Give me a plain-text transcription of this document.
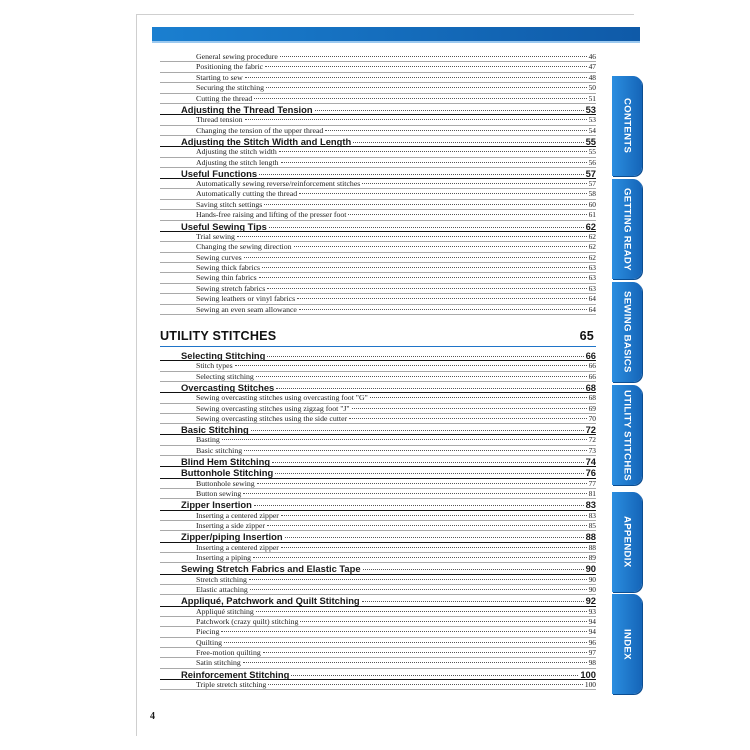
General sewing procedure	46
Positioning the fabric	47
Starting to sew	48
Securing the stitching	50
Cutting the thread	51
Adjusting the Thread Tension	53
Thread tension	53
Changing the tension of the upper thread	54
Adjusting the Stitch Width and Length	55
Adjusting the stitch width	55
Adjusting the stitch length	56
Useful Functions	57
Automatically sewing reverse/reinforcement stitches	57
Automatically cutting the thread	58
Saving stitch settings	60
Hands-free raising and lifting of the presser foot	61
Useful Sewing Tips	62
Trial sewing	62
Changing the sewing direction	62
Sewing curves	62
Sewing thick fabrics	63
Sewing thin fabrics	63
Sewing stretch fabrics	63
Sewing leathers or vinyl fabrics	64
Sewing an even seam allowance	64
UTILITY STITCHES	65
Selecting Stitching	66
Stitch types	66
Selecting stitching	66
Overcasting Stitches	68
Sewing overcasting stitches using overcasting foot "G"	68
Sewing overcasting stitches using zigzag foot "J"	69
Sewing overcasting stitches using the side cutter	70
Basic Stitching	72
Basting	72
Basic stitching	73
Blind Hem Stitching	74
Buttonhole Stitching	76
Buttonhole sewing	77
Button sewing	81
Zipper Insertion	83
Inserting a centered zipper	83
Inserting a side zipper	85
Zipper/piping Insertion	88
Inserting a centered zipper	88
Inserting a piping	89
Sewing Stretch Fabrics and Elastic Tape	90
Stretch stitching	90
Elastic attaching	90
Appliqué, Patchwork and Quilt Stitching	92
Appliqué stitching	93
Patchwork (crazy quilt) stitching	94
Piecing	94
Quilting	96
Free-motion quilting	97
Satin stitching	98
Reinforcement Stitching	100
Triple stretch stitching	100
CONTENTS
GETTING READY
SEWING BASICS
UTILITY STITCHES
APPENDIX
INDEX
4
